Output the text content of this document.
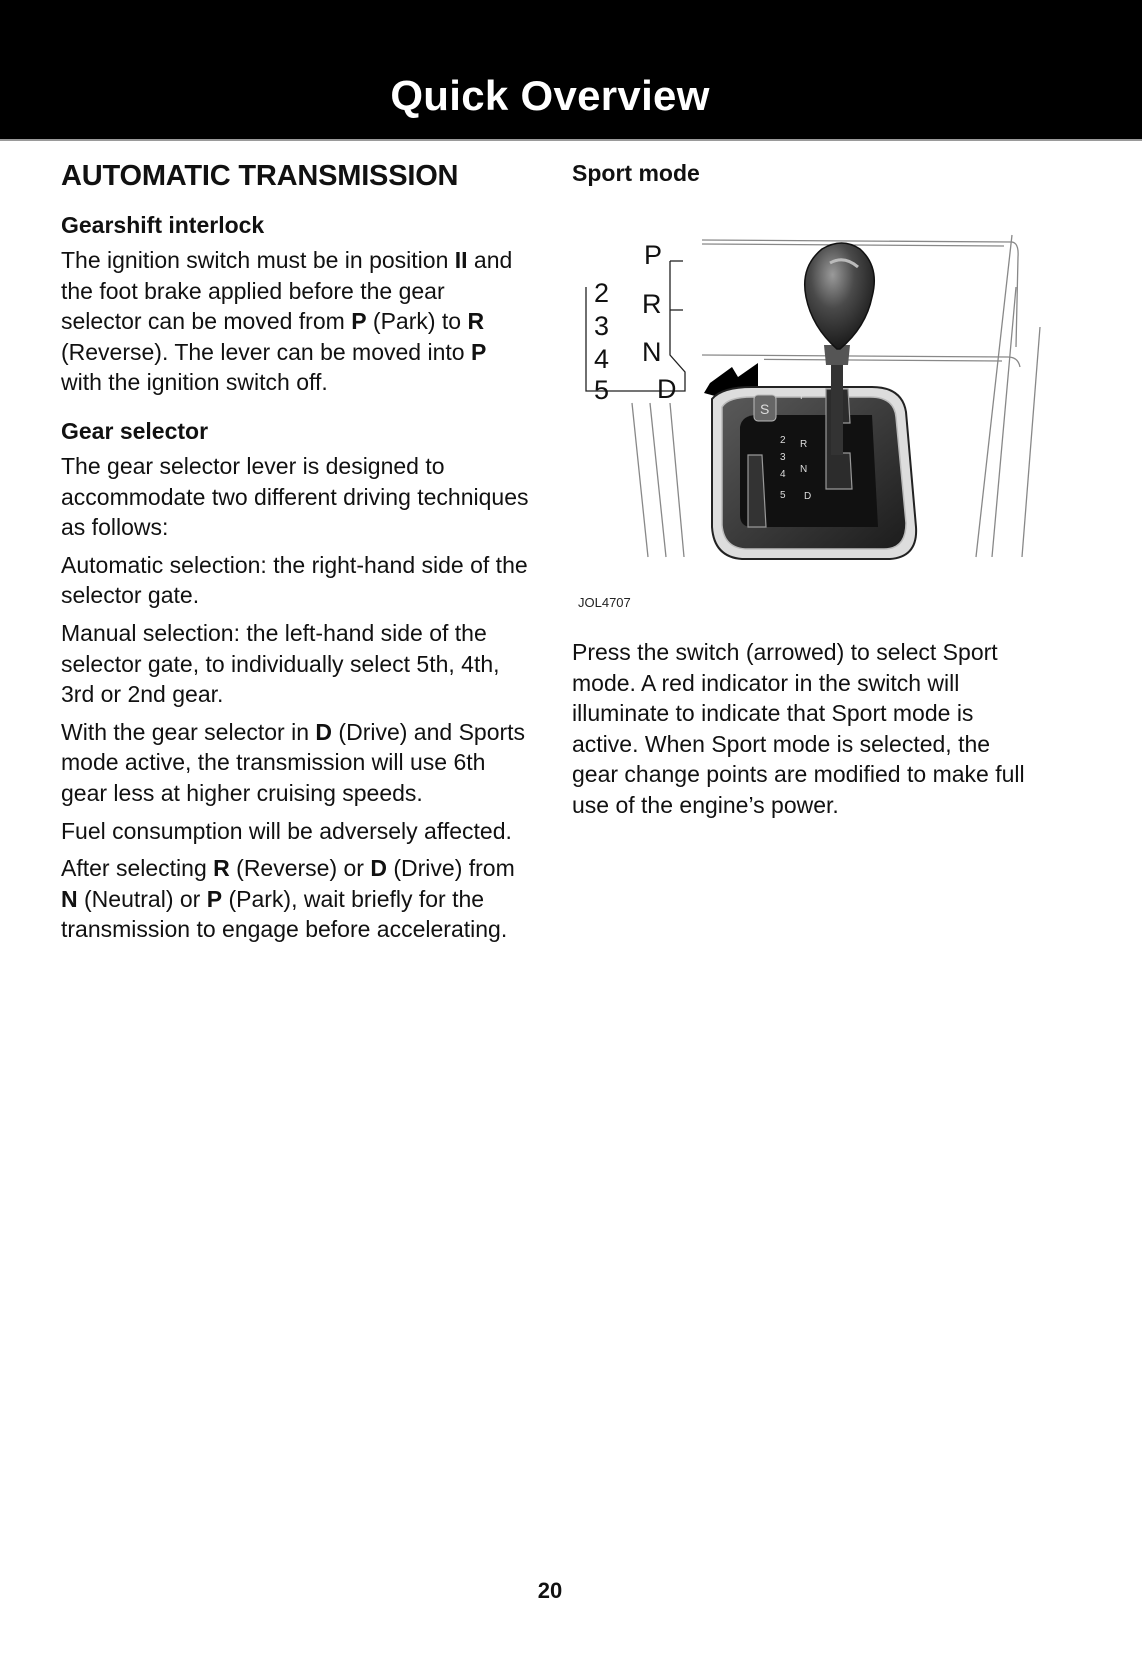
Quick Overview
AUTOMATIC TRANSMISSION
Gearshift interlock

The ignition switch must be in position II and the foot brake applied before the gear selector can be moved from P (Park) to R (Reverse). The lever can be moved into P with the ignition switch off.

Gear selector

The gear selector lever is designed to accommodate two different driving techniques as follows:

Automatic selection: the right-hand side of the selector gate.

Manual selection: the left-hand side of the selector gate, to individually select 5th, 4th, 3rd or 2nd gear.

With the gear selector in D (Drive) and Sports mode active, the transmission will use 6th gear less at higher cruising speeds.

Fuel consumption will be adversely affected.

After selecting R (Reverse) or D (Drive) from N (Neutral) or P (Park), wait briefly for the transmission to engage before accelerating.

Sport mode
P
R
N
D
2
3
4
5
S
P
R
N
D
2
3
4
5
JOL4707

Press the switch (arrowed) to select Sport mode. A red indicator in the switch will illuminate to indicate that Sport mode is active. When Sport mode is selected, the gear change points are modified to make full use of the engine’s power.

20
